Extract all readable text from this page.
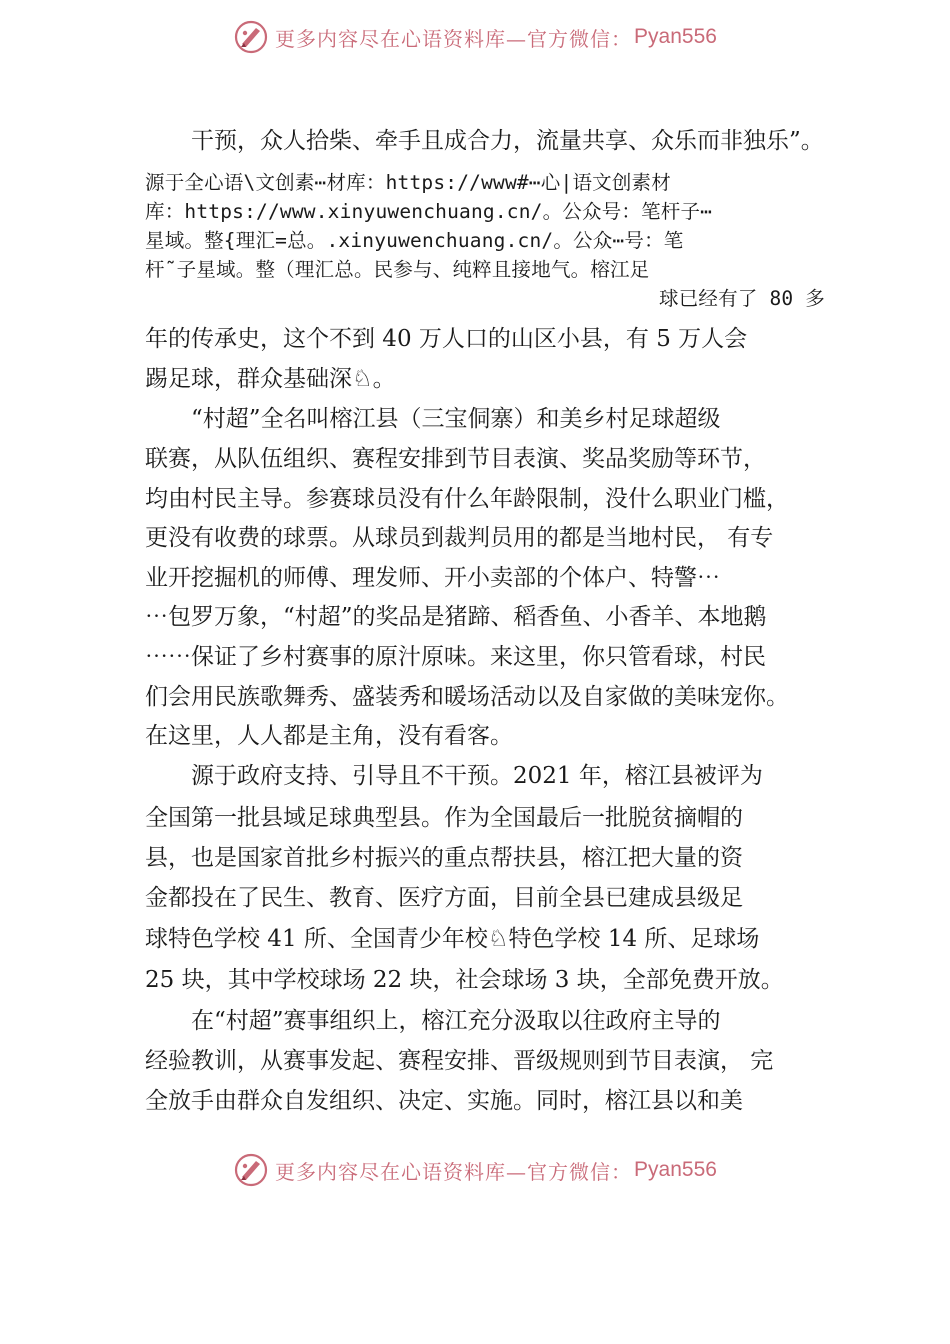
更多内容尽在心语资料库—官方微信： Pyan556
干预，众人拾柴、牵手且成合力，流量共享、众乐而非独乐”。
源于全心语\文创素⋯材库：https://www#⋯心|语文创素材
库：https://www.xinyuwenchuang.cn/。公众号：笔杆子⋯
星域。整{理汇=总。.xinyuwenchuang.cn/。公众⋯号：笔
杆˜子星域。整（理汇总。民参与、纯粹且接地气。榕江足
球已经有了 80 多
年的传承史，这个不到 40 万人口的山区小县，有 5 万人会
踢足球，群众基础深♘。
“村超”全名叫榕江县（三宝侗寨）和美乡村足球超级
联赛，从队伍组织、赛程安排到节目表演、奖品奖励等环节，
均由村民主导。参赛球员没有什么年龄限制，没什么职业门槛，
更没有收费的球票。从球员到裁判员用的都是当地村民， 有专
业开挖掘机的师傅、理发师、开小卖部的个体户、特警⋯
⋯包罗万象，“村超”的奖品是猪蹄、稻香鱼、小香羊、本地鹅
⋯⋯保证了乡村赛事的原汁原味。来这里，你只管看球，村民
们会用民族歌舞秀、盛装秀和暖场活动以及自家做的美味宠你。
在这里，人人都是主角，没有看客。
源于政府支持、引导且不干预。2021 年，榕江县被评为
全国第一批县域足球典型县。作为全国最后一批脱贫摘帽的
县，也是国家首批乡村振兴的重点帮扶县，榕江把大量的资
金都投在了民生、教育、医疗方面，目前全县已建成县级足
球特色学校 41 所、全国青少年校♘特色学校 14 所、足球场
25 块，其中学校球场 22 块，社会球场 3 块，全部免费开放。
在“村超”赛事组织上，榕江充分汲取以往政府主导的
经验教训，从赛事发起、赛程安排、晋级规则到节目表演， 完
全放手由群众自发组织、决定、实施。同时，榕江县以和美
更多内容尽在心语资料库—官方微信： Pyan556
